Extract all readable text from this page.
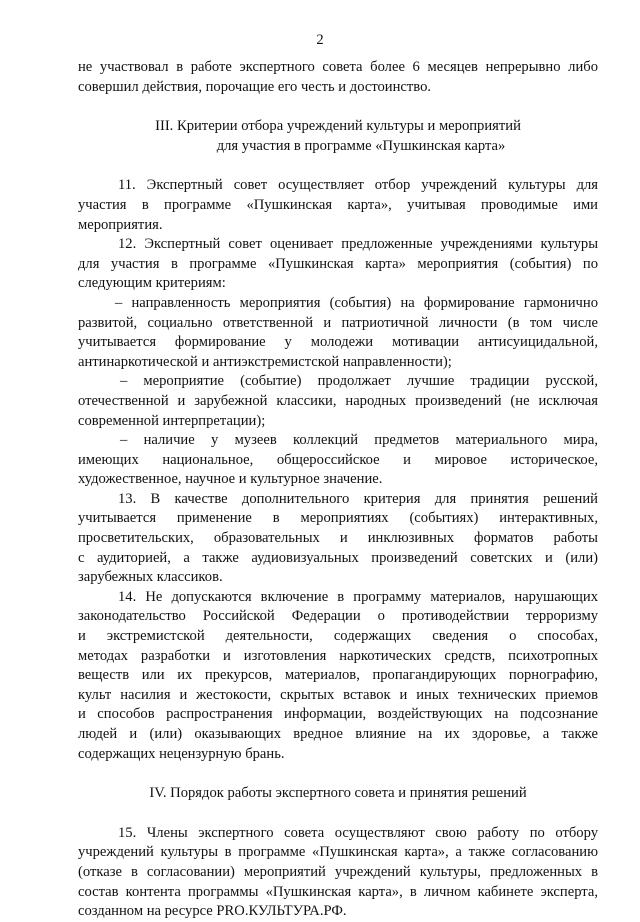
2
не участвовал в работе экспертного совета более 6 месяцев непрерывно либо
совершил действия, порочащие его честь и достоинство.
III. Критерии отбора учреждений культуры и мероприятий
для участия в программе «Пушкинская карта»
11. Экспертный совет осуществляет отбор учреждений культуры для
участия в программе «Пушкинская карта», учитывая проводимые ими
мероприятия.
12. Экспертный совет оценивает предложенные учреждениями культуры
для участия в программе «Пушкинская карта» мероприятия (события) по
следующим критериям:
– направленность мероприятия (события) на формирование гармонично
развитой, социально ответственной и патриотичной личности (в том числе
учитывается формирование у молодежи мотивации антисуицидальной,
антинаркотической и антиэкстремистской направленности);
– мероприятие (событие) продолжает лучшие традиции русской,
отечественной и зарубежной классики, народных произведений (не исключая
современной интерпретации);
– наличие у музеев коллекций предметов материального мира,
имеющих национальное, общероссийское и мировое историческое,
художественное, научное и культурное значение.
13. В качестве дополнительного критерия для принятия решений
учитывается применение в мероприятиях (событиях) интерактивных,
просветительских, образовательных и инклюзивных форматов работы
с аудиторией, а также аудиовизуальных произведений советских и (или)
зарубежных классиков.
14. Не допускаются включение в программу материалов, нарушающих
законодательство Российской Федерации о противодействии терроризму
и экстремистской деятельности, содержащих сведения о способах,
методах разработки и изготовления наркотических средств, психотропных
веществ или их прекурсов, материалов, пропагандирующих порнографию,
культ насилия и жестокости, скрытых вставок и иных технических приемов
и способов распространения информации, воздействующих на подсознание
людей и (или) оказывающих вредное влияние на их здоровье, а также
содержащих нецензурную брань.
IV. Порядок работы экспертного совета и принятия решений
15. Члены экспертного совета осуществляют свою работу по отбору
учреждений культуры в программе «Пушкинская карта», а также согласованию
(отказе в согласовании) мероприятий учреждений культуры, предложенных в
состав контента программы «Пушкинская карта», в личном кабинете эксперта,
созданном на ресурсе PRO.КУЛЬТУРА.РФ.
